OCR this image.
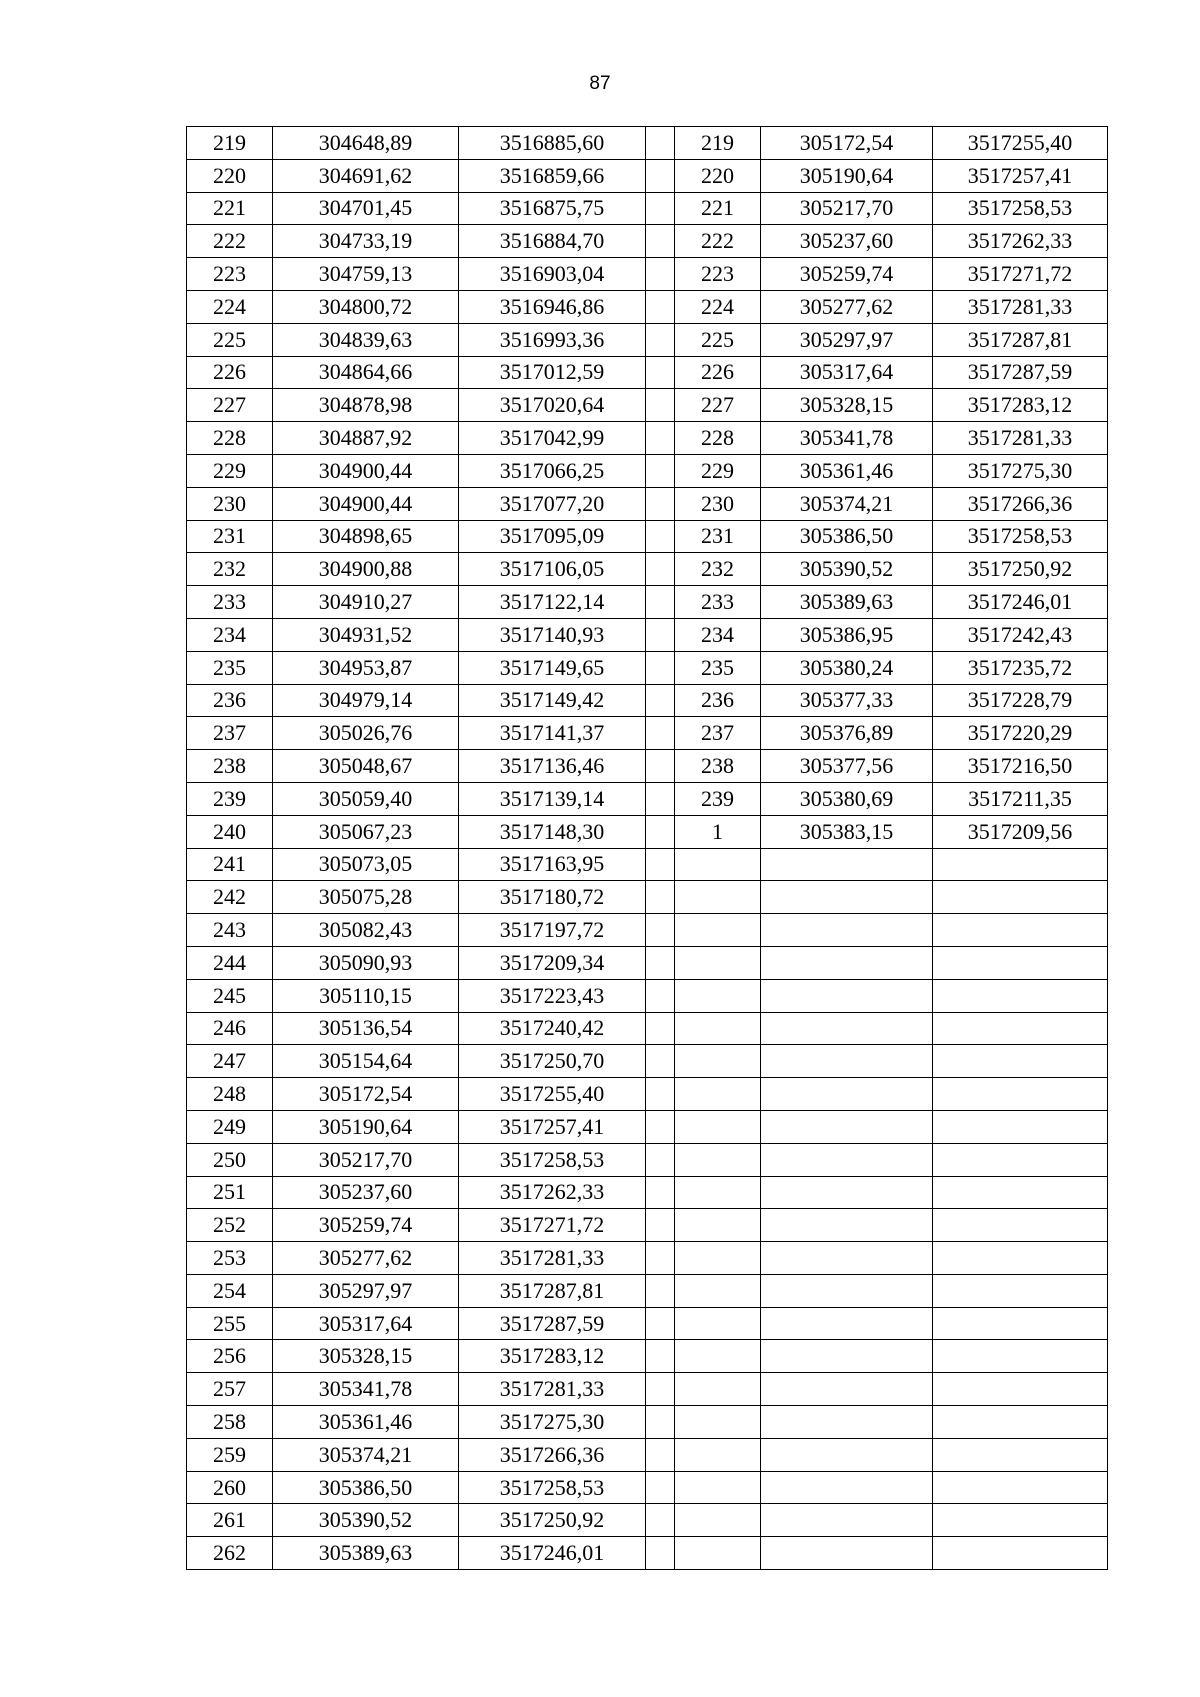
87
219	304648,89	3516885,60		219	305172,54	3517255,40
220	304691,62	3516859,66		220	305190,64	3517257,41
221	304701,45	3516875,75		221	305217,70	3517258,53
222	304733,19	3516884,70		222	305237,60	3517262,33
223	304759,13	3516903,04		223	305259,74	3517271,72
224	304800,72	3516946,86		224	305277,62	3517281,33
225	304839,63	3516993,36		225	305297,97	3517287,81
226	304864,66	3517012,59		226	305317,64	3517287,59
227	304878,98	3517020,64		227	305328,15	3517283,12
228	304887,92	3517042,99		228	305341,78	3517281,33
229	304900,44	3517066,25		229	305361,46	3517275,30
230	304900,44	3517077,20		230	305374,21	3517266,36
231	304898,65	3517095,09		231	305386,50	3517258,53
232	304900,88	3517106,05		232	305390,52	3517250,92
233	304910,27	3517122,14		233	305389,63	3517246,01
234	304931,52	3517140,93		234	305386,95	3517242,43
235	304953,87	3517149,65		235	305380,24	3517235,72
236	304979,14	3517149,42		236	305377,33	3517228,79
237	305026,76	3517141,37		237	305376,89	3517220,29
238	305048,67	3517136,46		238	305377,56	3517216,50
239	305059,40	3517139,14		239	305380,69	3517211,35
240	305067,23	3517148,30		1	305383,15	3517209,56
241	305073,05	3517163,95				
242	305075,28	3517180,72				
243	305082,43	3517197,72				
244	305090,93	3517209,34				
245	305110,15	3517223,43				
246	305136,54	3517240,42				
247	305154,64	3517250,70				
248	305172,54	3517255,40				
249	305190,64	3517257,41				
250	305217,70	3517258,53				
251	305237,60	3517262,33				
252	305259,74	3517271,72				
253	305277,62	3517281,33				
254	305297,97	3517287,81				
255	305317,64	3517287,59				
256	305328,15	3517283,12				
257	305341,78	3517281,33				
258	305361,46	3517275,30				
259	305374,21	3517266,36				
260	305386,50	3517258,53				
261	305390,52	3517250,92				
262	305389,63	3517246,01				
